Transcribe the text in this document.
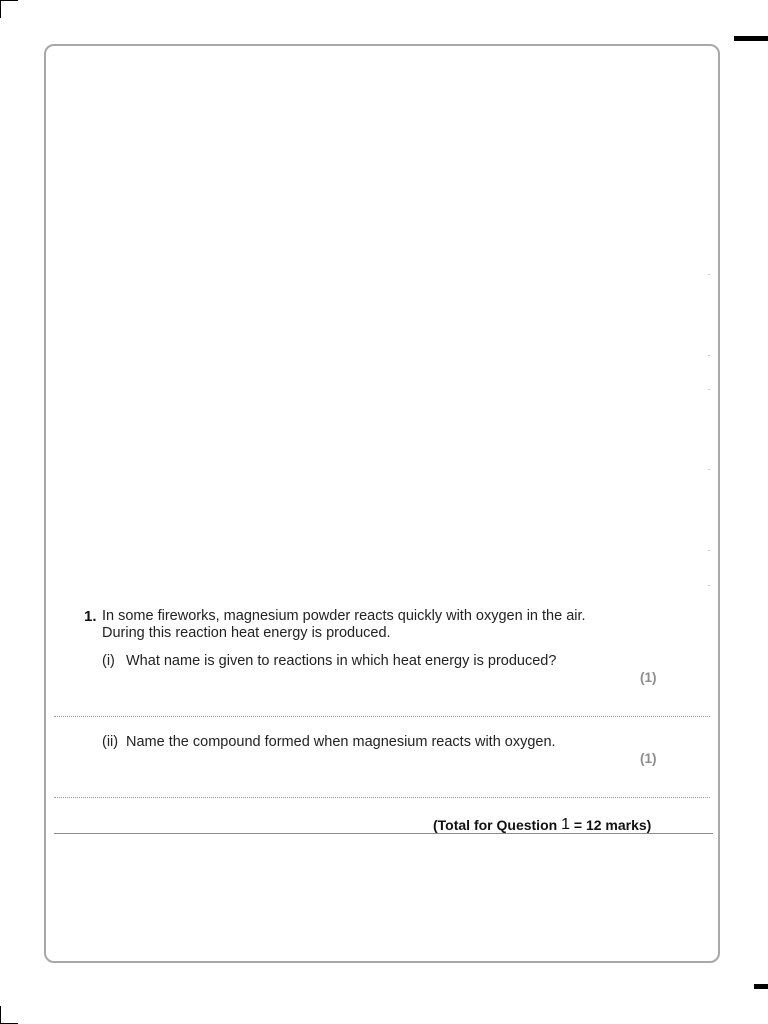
1. In some fireworks, magnesium powder reacts quickly with oxygen in the air.
During this reaction heat energy is produced.
(i) What name is given to reactions in which heat energy is produced?
(1)
(ii) Name the compound formed when magnesium reacts with oxygen.
(1)
(Total for Question 1 = 12 marks)
